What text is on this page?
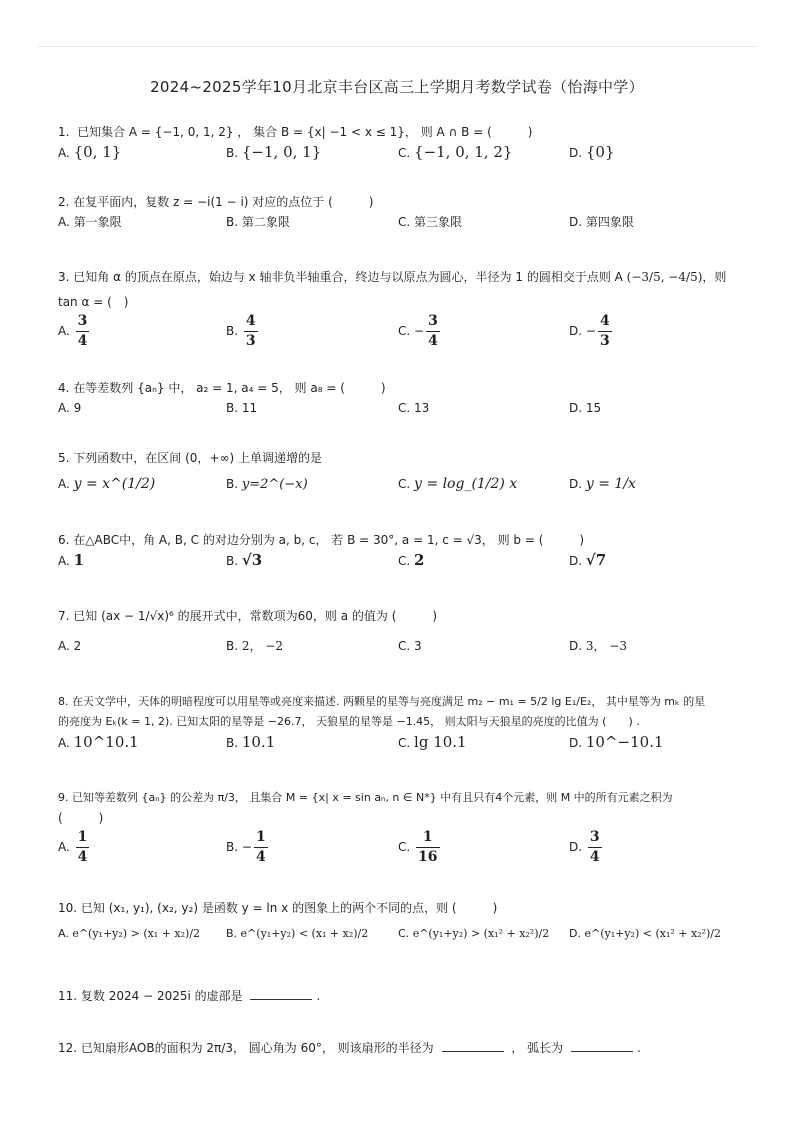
2024~2025学年10月北京丰台区高三上学期月考数学试卷（怡海中学）
1. 已知集合 A = {−1, 0, 1, 2} ， 集合 B = {x| −1 < x ≤ 1}， 则 A ∩ B = (　　　)
A. {0, 1}	B. {−1, 0, 1}	C. {−1, 0, 1, 2}	D. {0}
2. 在复平面内，复数 z = −i(1 − i) 对应的点位于 (　　　)
A. 第一象限	B. 第二象限	C. 第三象限	D. 第四象限
3. 已知角 α 的顶点在原点，始边与 x 轴非负半轴重合，终边与以原点为圆心，半径为 1 的圆相交于点则 A (−3/5, −4/5)，则
tan α = (　)
A. $\frac{3}{4}$	B. $\frac{4}{3}$	C. − $\frac{3}{4}$	D. − $\frac{4}{3}$
4. 在等差数列 {aₙ} 中， a₂ = 1, a₄ = 5， 则 a₈ = (　　　)
A. 9	B. 11	C. 13	D. 15
5. 下列函数中，在区间 (0，+∞) 上单调递增的是
A. y = x^(1/2)	B. y=2^(−x)	C. y = log_(1/2) x	D. y = 1/x
6. 在△ABC中，角 A, B, C 的对边分别为 a, b, c， 若 B = 30°, a = 1, c = √3， 则 b = (　　　)
A. 1	B. √3	C. 2	D. √7
7. 已知 (ax − 1/√x)⁶ 的展开式中，常数项为60，则 a 的值为 (　　　)
A. 2	B. 2， −2	C. 3	D. 3， −3
8. 在天文学中，天体的明暗程度可以用星等或亮度来描述. 两颗星的星等与亮度满足 m₂ − m₁ = 5/2 lg E₁/E₂， 其中星等为 mₖ 的星
的亮度为 Eₖ(k = 1, 2). 已知太阳的星等是 −26.7， 天狼星的星等是 −1.45， 则太阳与天狼星的亮度的比值为 (　　) .
A. 10^10.1	B. 10.1	C. lg 10.1	D. 10^−10.1
9. 已知等差数列 {aₙ} 的公差为 π/3， 且集合 M = {x| x = sin aₙ, n ∈ N*} 中有且只有4个元素，则 M 中的所有元素之积为
(　　　)
A. $\frac{1}{4}$	B. − $\frac{1}{4}$	C. $\frac{1}{16}$	D. $\frac{3}{4}$
10. 已知 (x₁, y₁), (x₂, y₂) 是函数 y = ln x 的图象上的两个不同的点，则 (　　　)
A. e^(y₁+y₂) > (x₁ + x₂)/2 B. e^(y₁+y₂) < (x₁ + x₂)/2	C. e^(y₁+y₂) > (x₁² + x₂²)/2 D. e^(y₁+y₂) < (x₁² + x₂²)/2
11. 复数 2024 − 2025i 的虚部是	.
12. 已知扇形AOB的面积为 2π/3， 圆心角为 60°， 则该扇形的半径为	， 弧长为	.
